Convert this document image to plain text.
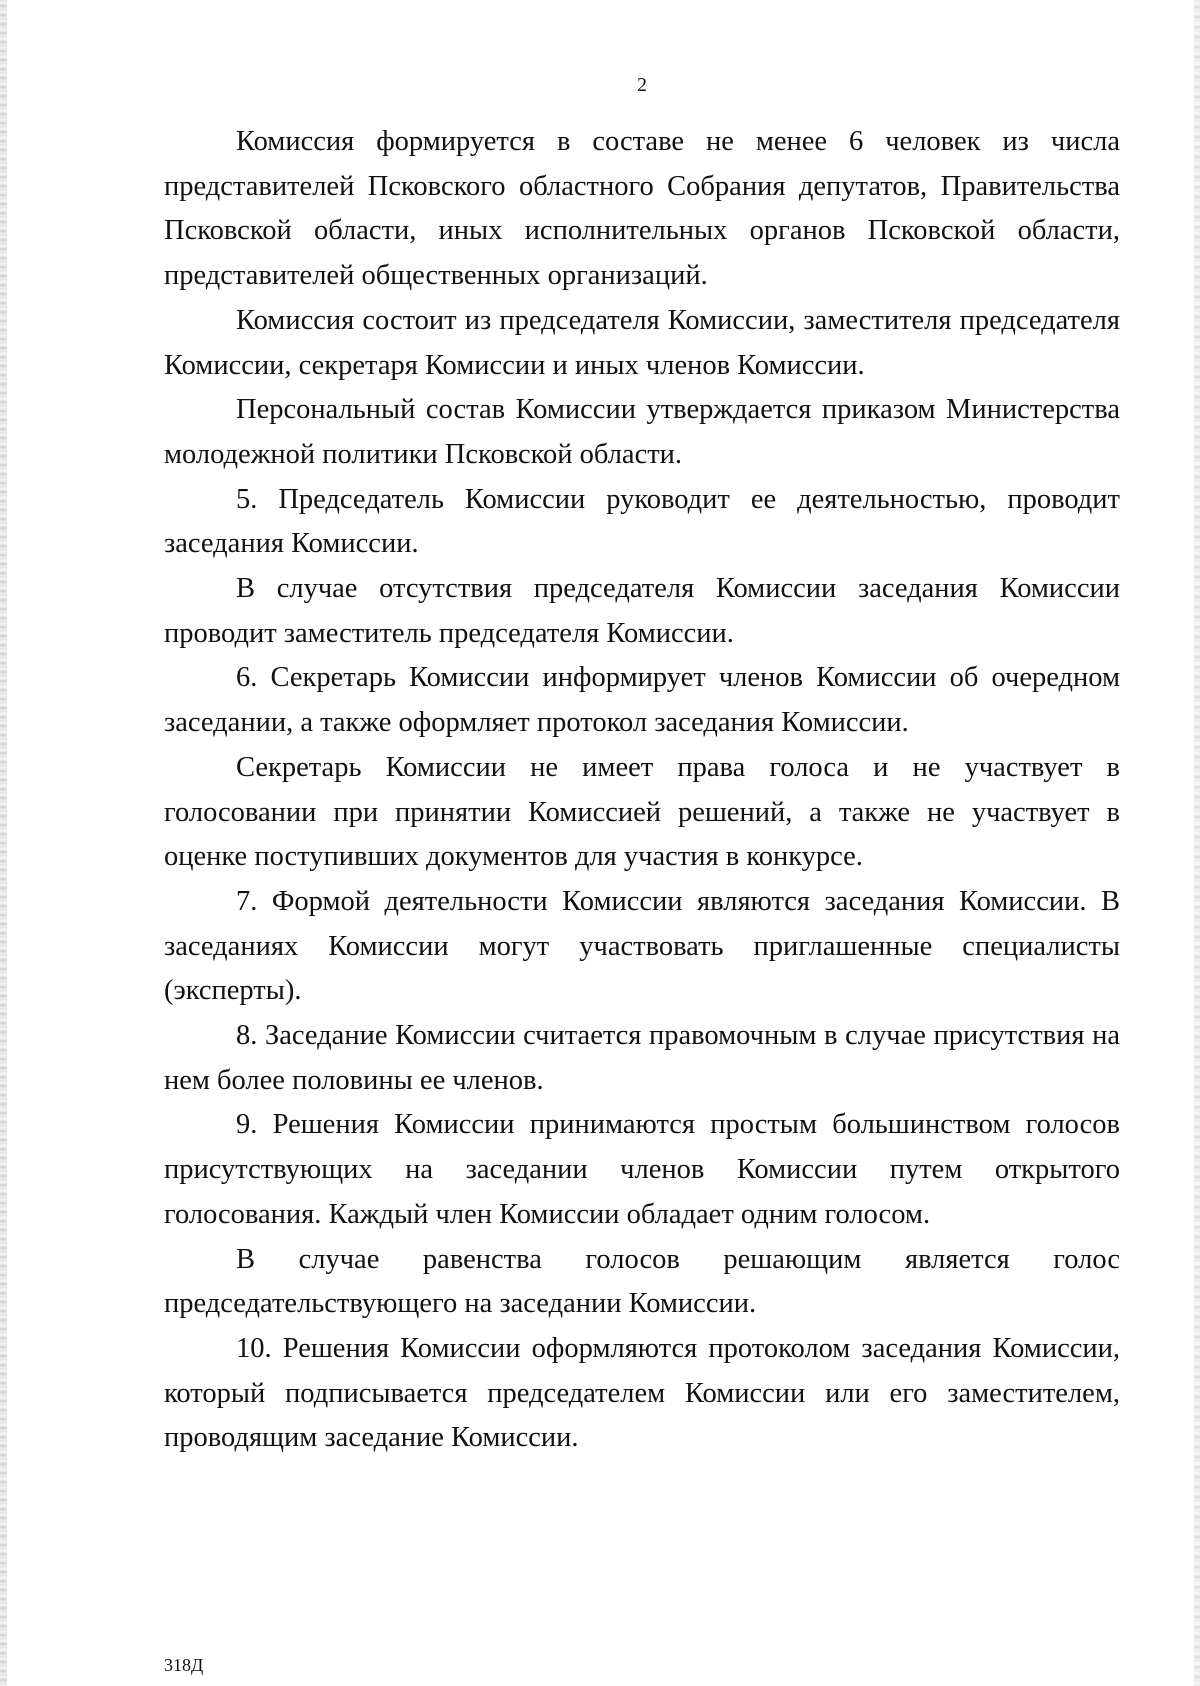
2

Комиссия формируется в составе не менее 6 человек из числа представителей Псковского областного Собрания депутатов, Правительства Псковской области, иных исполнительных органов Псковской области, представителей общественных организаций.

Комиссия состоит из председателя Комиссии, заместителя председателя Комиссии, секретаря Комиссии и иных членов Комиссии.

Персональный состав Комиссии утверждается приказом Министерства молодежной политики Псковской области.

5. Председатель Комиссии руководит ее деятельностью, проводит заседания Комиссии.

В случае отсутствия председателя Комиссии заседания Комиссии проводит заместитель председателя Комиссии.

6. Секретарь Комиссии информирует членов Комиссии об очередном заседании, а также оформляет протокол заседания Комиссии.

Секретарь Комиссии не имеет права голоса и не участвует в голосовании при принятии Комиссией решений, а также не участвует в оценке поступивших документов для участия в конкурсе.

7. Формой деятельности Комиссии являются заседания Комиссии. В заседаниях Комиссии могут участвовать приглашенные специалисты (эксперты).

8. Заседание Комиссии считается правомочным в случае присутствия на нем более половины ее членов.

9. Решения Комиссии принимаются простым большинством голосов присутствующих на заседании членов Комиссии путем открытого голосования. Каждый член Комиссии обладает одним голосом.

В случае равенства голосов решающим является голос председательствующего на заседании Комиссии.

10. Решения Комиссии оформляются протоколом заседания Комиссии, который подписывается председателем Комиссии или его заместителем, проводящим заседание Комиссии.

318Д
